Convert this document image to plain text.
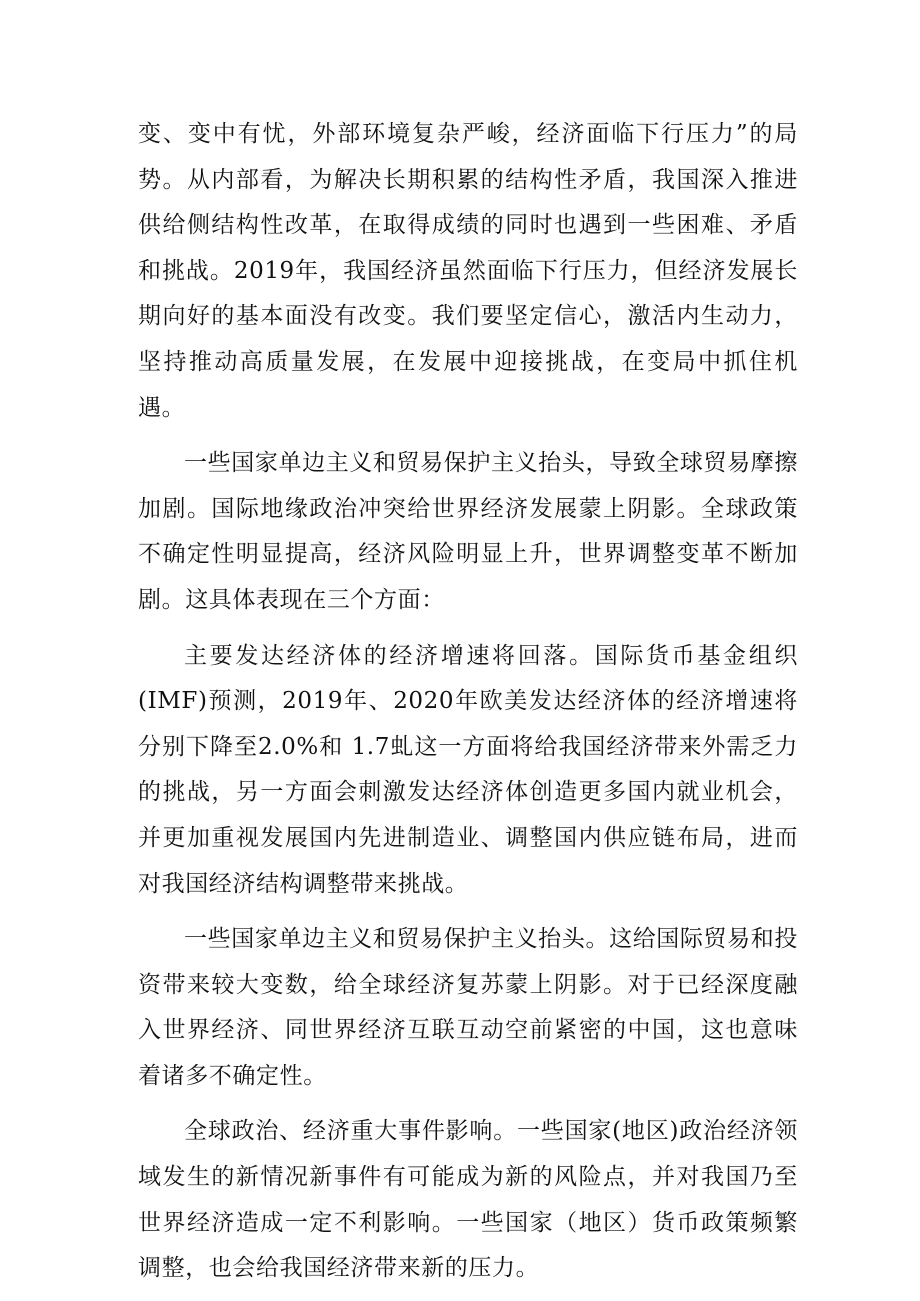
变、变中有忧，外部环境复杂严峻，经济面临下行压力”的局势。从内部看，为解决长期积累的结构性矛盾，我国深入推进供给侧结构性改革，在取得成绩的同时也遇到一些困难、矛盾和挑战。2019年，我国经济虽然面临下行压力，但经济发展长期向好的基本面没有改变。我们要坚定信心，激活内生动力，坚持推动高质量发展，在发展中迎接挑战，在变局中抓住机遇。

一些国家单边主义和贸易保护主义抬头，导致全球贸易摩擦加剧。国际地缘政治冲突给世界经济发展蒙上阴影。全球政策不确定性明显提高，经济风险明显上升，世界调整变革不断加剧。这具体表现在三个方面：

主要发达经济体的经济增速将回落。国际货币基金组织(IMF)预测，2019年、2020年欧美发达经济体的经济增速将分别下降至2.0%和 1.7虬这一方面将给我国经济带来外需乏力的挑战，另一方面会刺激发达经济体创造更多国内就业机会，并更加重视发展国内先进制造业、调整国内供应链布局，进而对我国经济结构调整带来挑战。

一些国家单边主义和贸易保护主义抬头。这给国际贸易和投资带来较大变数，给全球经济复苏蒙上阴影。对于已经深度融入世界经济、同世界经济互联互动空前紧密的中国，这也意味着诸多不确定性。

全球政治、经济重大事件影响。一些国家(地区)政治经济领域发生的新情况新事件有可能成为新的风险点，并对我国乃至世界经济造成一定不利影响。一些国家（地区）货币政策频繁调整，也会给我国经济带来新的压力。
